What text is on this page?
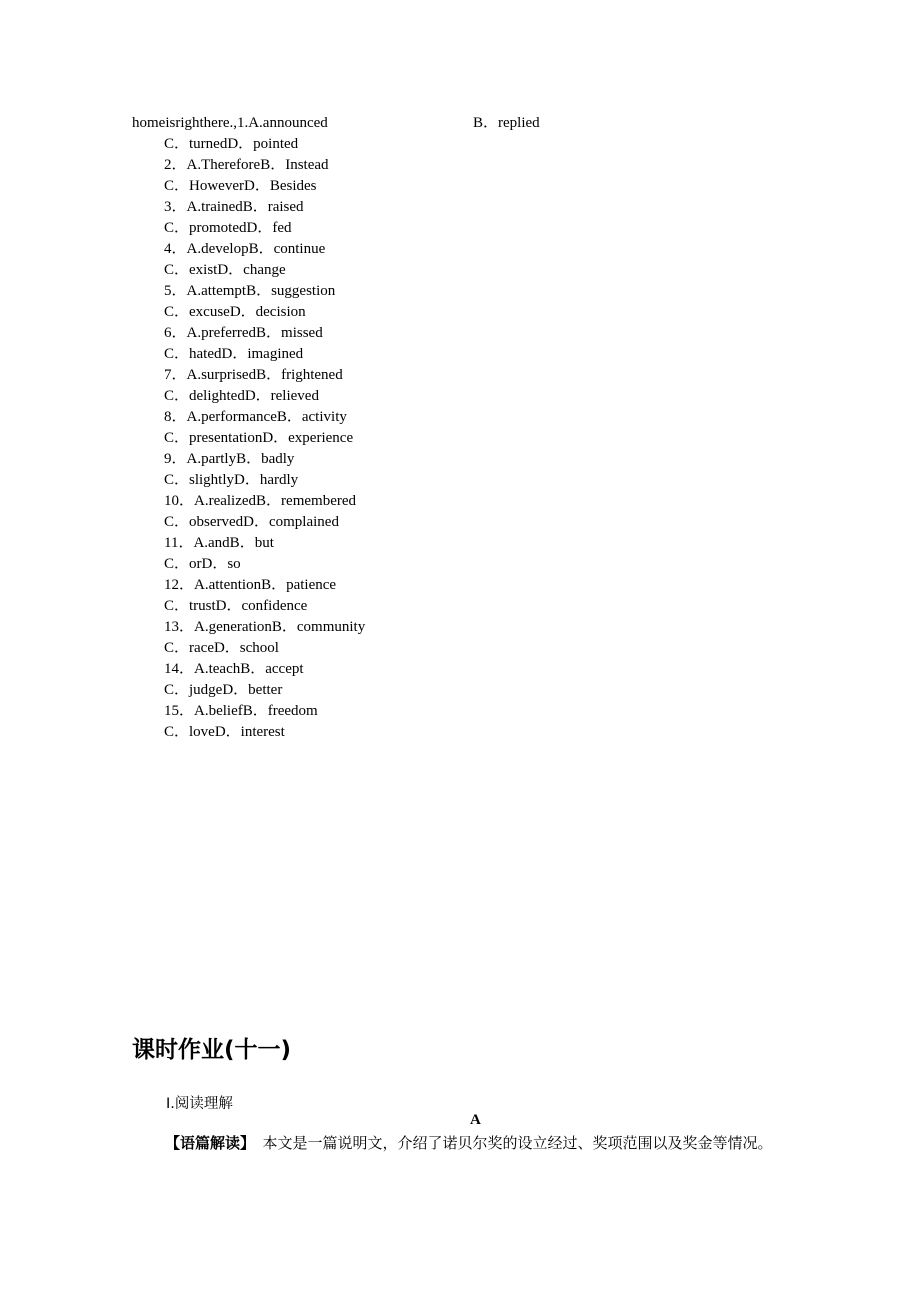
homeisrighthere.,1.A.announced	B．replied
C．turnedD．pointed
2．A.ThereforeB．Instead
C．HoweverD．Besides
3．A.trainedB．raised
C．promotedD．fed
4．A.developB．continue
C．existD．change
5．A.attemptB．suggestion
C．excuseD．decision
6．A.preferredB．missed
C．hatedD．imagined
7．A.surprisedB．frightened
C．delightedD．relieved
8．A.performanceB．activity
C．presentationD．experience
9．A.partlyB．badly
C．slightlyD．hardly
10．A.realizedB．remembered
C．observedD．complained
11．A.andB．but
C．orD．so
12．A.attentionB．patience
C．trustD．confidence
13．A.generationB．community
C．raceD．school
14．A.teachB．accept
C．judgeD．better
15．A.beliefB．freedom
C．loveD．interest
课时作业(十一)
Ⅰ.阅读理解
A
【语篇解读】　本文是一篇说明文，介绍了诺贝尔奖的设立经过、奖项范围以及奖金等情况。
